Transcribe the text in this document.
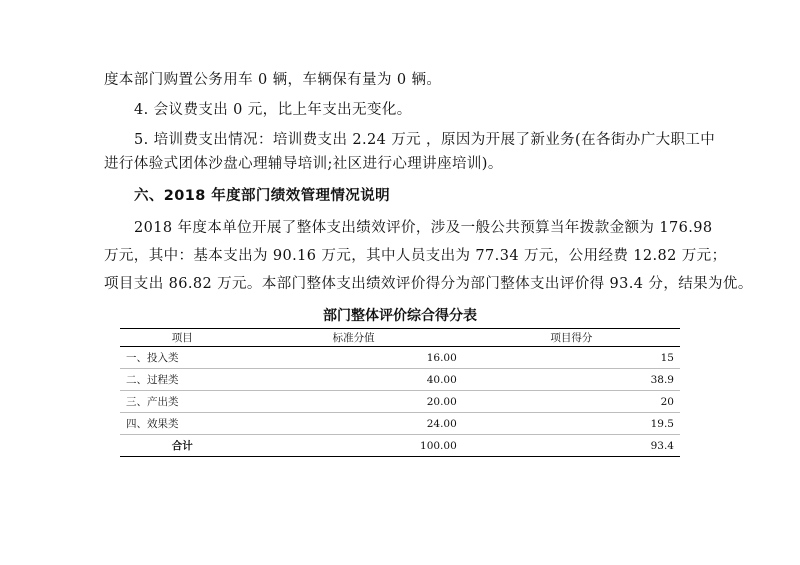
度本部门购置公务用车 0 辆，车辆保有量为 0 辆。
4. 会议费支出 0 元，比上年支出无变化。
5. 培训费支出情况：培训费支出 2.24 万元 ，原因为开展了新业务(在各街办广大职工中
进行体验式团体沙盘心理辅导培训;社区进行心理讲座培训)。
六、2018 年度部门绩效管理情况说明
2018 年度本单位开展了整体支出绩效评价，涉及一般公共预算当年拨款金额为 176.98
万元，其中：基本支出为 90.16 万元，其中人员支出为 77.34 万元，公用经费 12.82 万元；
项目支出 86.82 万元。本部门整体支出绩效评价得分为部门整体支出评价得 93.4 分，结果为优。
部门整体评价综合得分表
项目	标准分值	项目得分
一、投入类	16.00	15
二、过程类	40.00	38.9
三、产出类	20.00	20
四、效果类	24.00	19.5
合计	100.00	93.4
